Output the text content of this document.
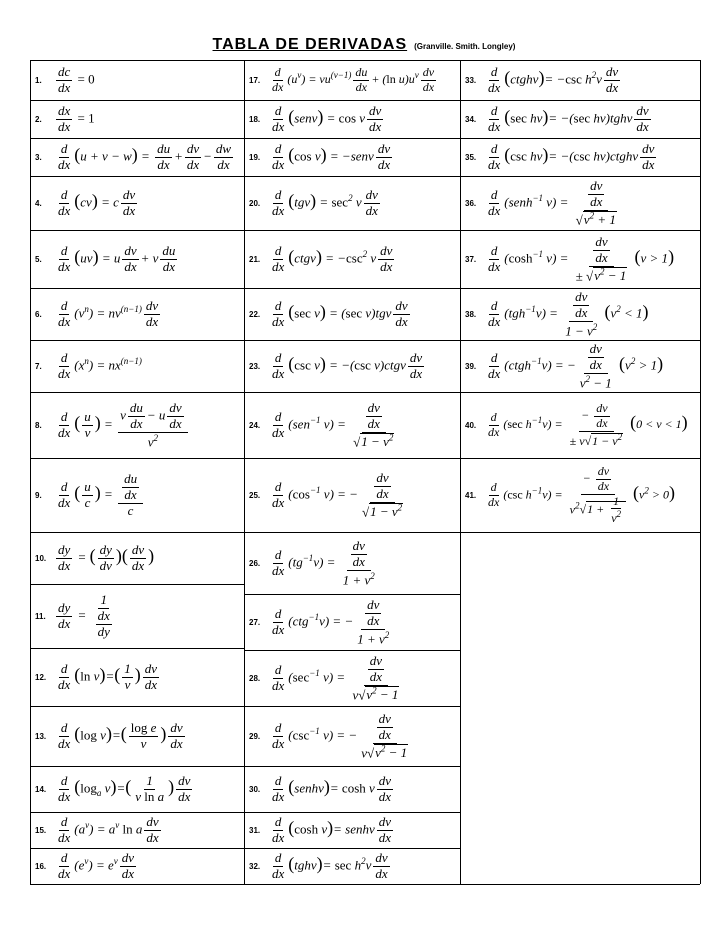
TABLA DE DERIVADAS (Granville. Smith. Longley)
1.	$\frac{dc}{dx} = 0$
2.	$\frac{dx}{dx} = 1$
3.	$\frac{d}{dx} (u + v - w) = \frac{du}{dx} + \frac{dv}{dx} - \frac{dw}{dx}$
4.	$\frac{d}{dx} (cv) = c \frac{dv}{dx}$
5.	$\frac{d}{dx} (uv) = u \frac{dv}{dx} + v \frac{du}{dx}$
6.	$\frac{d}{dx} (v^n) = nv^{(n-1)} \frac{dv}{dx}$
7.	$\frac{d}{dx} (x^n) = nx^{(n-1)}$
8.	$\frac{d}{dx}$ ( $\frac{u}{v}$ ) =
v $\frac{du}{dx} - u \frac{dv}{dx}$
$v^2$
9.	$\frac{d}{dx}$ ( $\frac{u}{c}$ ) = $\frac{du}{dx}$
c
10. $\frac{dy}{dx}$ = ( $\frac{dy}{dv}$ )( $\frac{dv}{dx}$ )
11. $\frac{dy}{dx}$ =
1
$\frac{dx}{dy}$
12. $\frac{d}{dx} (\ln$ $v)=( \frac{1}{v}$ ) $\frac{dv}{dx}$
13. $\frac{d}{dx} (\log$ $v)=( \frac{\text{log e}}{v}$ ) $\frac{dv}{dx}$
14. $\frac{d}{dx} (\log_a$ $v)=( \frac{1}{\text{v ln a}}$ ) $\frac{dv}{dx}$
15. $\frac{d}{dx} (a^v) = a^v$ ln a $\frac{dv}{dx}$
16. $\frac{d}{dx} (e^v) = e^v \frac{dv}{dx}$
17. $\frac{d}{dx} (u^v) = vu^{(v-1)} \frac{du}{dx} + (\ln$ $u)u^v \frac{dv}{dx}$
18. $\frac{d}{dx}$ (senv) = cos v $\frac{dv}{dx}$
19. $\frac{d}{dx} (\cos$ v) = −senv $\frac{dv}{dx}$
20. $\frac{d}{dx} (tgv) = \sec^2 v \frac{dv}{dx}$
21. $\frac{d}{dx}$ (ctgv) = $-\csc^2$ v $\frac{dv}{dx}$
22. $\frac{d}{dx} (\sec$ v) = (sec $v)tgv \frac{dv}{dx}$
23. $\frac{d}{dx} (\csc$ v) = −(csc v)ctgv $\frac{dv}{dx}$
24. $\frac{d}{dx} (sen^{-1}$ $v) = \frac{dv}{dx}$
$√1 - v^2$
25. $\frac{d}{dx} (\cos^{-1}$ v) = − $\frac{dv}{dx}$
$√1 - v^2$
26. $\frac{d}{dx} (tg^{-1}v) = \frac{dv}{dx}$
$1 + v^2$
27. $\frac{d}{dx} (ctg^{-1}v)$ = − $\frac{dv}{dx}$
$1 + v^2$
28. $\frac{d}{dx} (\sec^{-1}$ $v) = \frac{dv}{dx}$
$v√v^2 - 1$
29. $\frac{d}{dx} (\csc^{-1}$ v) = − $\frac{dv}{dx}$
$v√v^2 - 1$
30. $\frac{d}{dx}$ (senhv)= cosh v $\frac{dv}{dx}$
31. $\frac{d}{dx} (\cosh$ v)= senhv $\frac{dv}{dx}$
32. $\frac{d}{dx}$ (tghv)= $\sec h^2v \frac{dv}{dx}$
33. $\frac{d}{dx}$ (ctghv)= −csc $h^2v \frac{dv}{dx}$
34. $\frac{d}{dx} (\sec$ hv)= −(sec hv)tghv $\frac{dv}{dx}$
35. $\frac{d}{dx} (\csc$ hv)= −(csc hv)ctghv $\frac{dv}{dx}$
36. $\frac{d}{dx}$ (senh$^{-1}$ $v) = \frac{dv}{dx}$
$√v^2 + 1$
37. $\frac{d}{dx} (\cosh^{-1}$ $v) = \frac{dv}{dx}$
± $√v^2 - 1$
(v > 1)
38. $\frac{d}{dx} (tgh^{-1}v) = \frac{dv}{dx}$
$1 - v^2$
$(v^2 < 1)$
39. $\frac{d}{dx}$ (ctgh$^{-1}$v) = − $\frac{dv}{dx}$
$v^2 - 1$
$(v^2 > 1)$
40. $\frac{d}{dx} (\sec$ $h^{-1}v$) =
− $\frac{dv}{dx}$
± $v√1 - v^2$
(0 < v < 1)
41. $\frac{d}{dx} (\csc$ $h^{-1}v$) =
− $\frac{dv}{dx}$
$v^2√1 + \frac{1}{v^2}$
$(v^2 > 0)$
